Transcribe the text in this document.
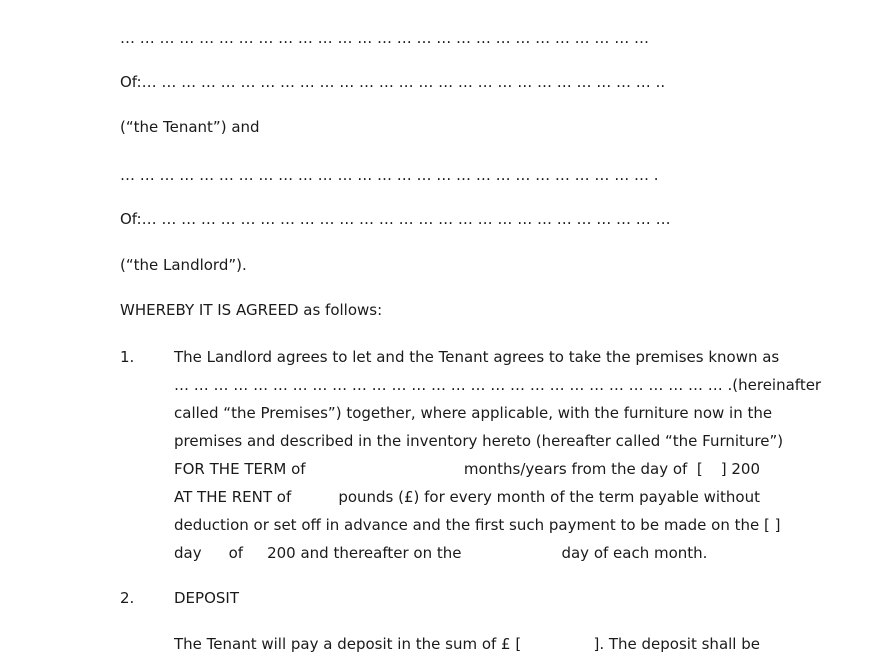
… … … … … … … … … … … … … … … … … … … … … … … … … … …
Of:… … … … … … … … … … … … … … … … … … … … … … … … … … ..
(“the Tenant”) and
… … … … … … … … … … … … … … … … … … … … … … … … … … … .
Of:… … … … … … … … … … … … … … … … … … … … … … … … … … …
(“the Landlord”).
WHEREBY IT IS AGREED as follows:
1.	The Landlord agrees to let and the Tenant agrees to take the premises known as
… … … … … … … … … … … … … … … … … … … … … … … … … … … … . (hereinafter
called “the Premises”) together, where applicable, with the furniture now in the
premises and described in the inventory hereto (hereafter called “the Furniture”)
FOR THE TERM of	months/years from the day of  [ ] 200
AT THE RENT of	pounds (£) for every month of the term payable without
deduction or set off in advance and the first such payment to be made on the [ ]
day of 200 and thereafter on the	day of each month.
2.	DEPOSIT
The Tenant will pay a deposit in the sum of £ [	]. The deposit shall be
